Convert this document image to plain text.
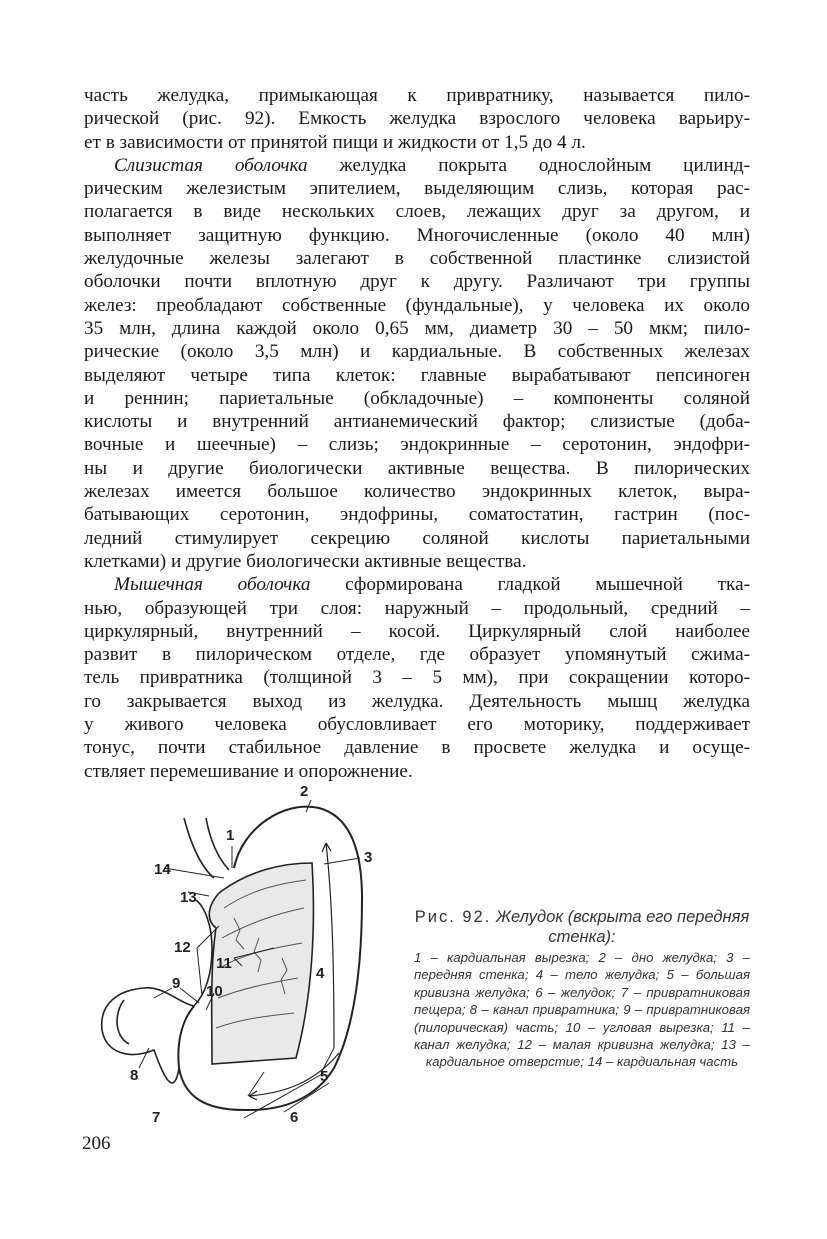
часть желудка, примыкающая к привратнику, называется пило-
рической (рис. 92). Емкость желудка взрослого человека варьиру-
ет в зависимости от принятой пищи и жидкости от 1,5 до 4 л.

Слизистая оболочка желудка покрыта однослойным цилинд-
рическим железистым эпителием, выделяющим слизь, которая рас-
полагается в виде нескольких слоев, лежащих друг за другом, и
выполняет защитную функцию. Многочисленные (около 40 млн)
желудочные железы залегают в собственной пластинке слизистой
оболочки почти вплотную друг к другу. Различают три группы
желез: преобладают собственные (фундальные), у человека их около
35 млн, длина каждой около 0,65 мм, диаметр 30 – 50 мкм; пило-
рические (около 3,5 млн) и кардиальные. В собственных железах
выделяют четыре типа клеток: главные вырабатывают пепсиноген
и реннин; париетальные (обкладочные) – компоненты соляной
кислоты и внутренний антианемический фактор; слизистые (доба-
вочные и шеечные) – слизь; эндокринные – серотонин, эндофри-
ны и другие биологически активные вещества. В пилорических
железах имеется большое количество эндокринных клеток, выра-
батывающих серотонин, эндофрины, соматостатин, гастрин (пос-
ледний стимулирует секрецию соляной кислоты париетальными
клетками) и другие биологически активные вещества.

Мышечная оболочка сформирована гладкой мышечной тка-
нью, образующей три слоя: наружный – продольный, средний –
циркулярный, внутренний – косой. Циркулярный слой наиболее
развит в пилорическом отделе, где образует упомянутый сжима-
тель привратника (толщиной 3 – 5 мм), при сокращении которо-
го закрывается выход из желудка. Деятельность мышц желудка
у живого человека обусловливает его моторику, поддерживает
тонус, почти стабильное давление в просвете желудка и осуще-
ствляет перемешивание и опорожнение.

1
2
3
4
5
6
7
8
9 10
11
12
13
14
Рис. 92. Желудок (вскрыта его передняя стенка):
1 – кардиальная вырезка; 2 – дно желудка; 3 – передняя стенка; 4 – тело желудка; 5 – большая кривизна желудка; 6 – желудок; 7 – привратниковая пещера; 8 – канал привратника; 9 – привратниковая (пилорическая) часть; 10 – угловая вырезка; 11 – канал желудка; 12 – малая кривизна желудка; 13 – кардиальное отверстие; 14 – кардиальная часть
206
